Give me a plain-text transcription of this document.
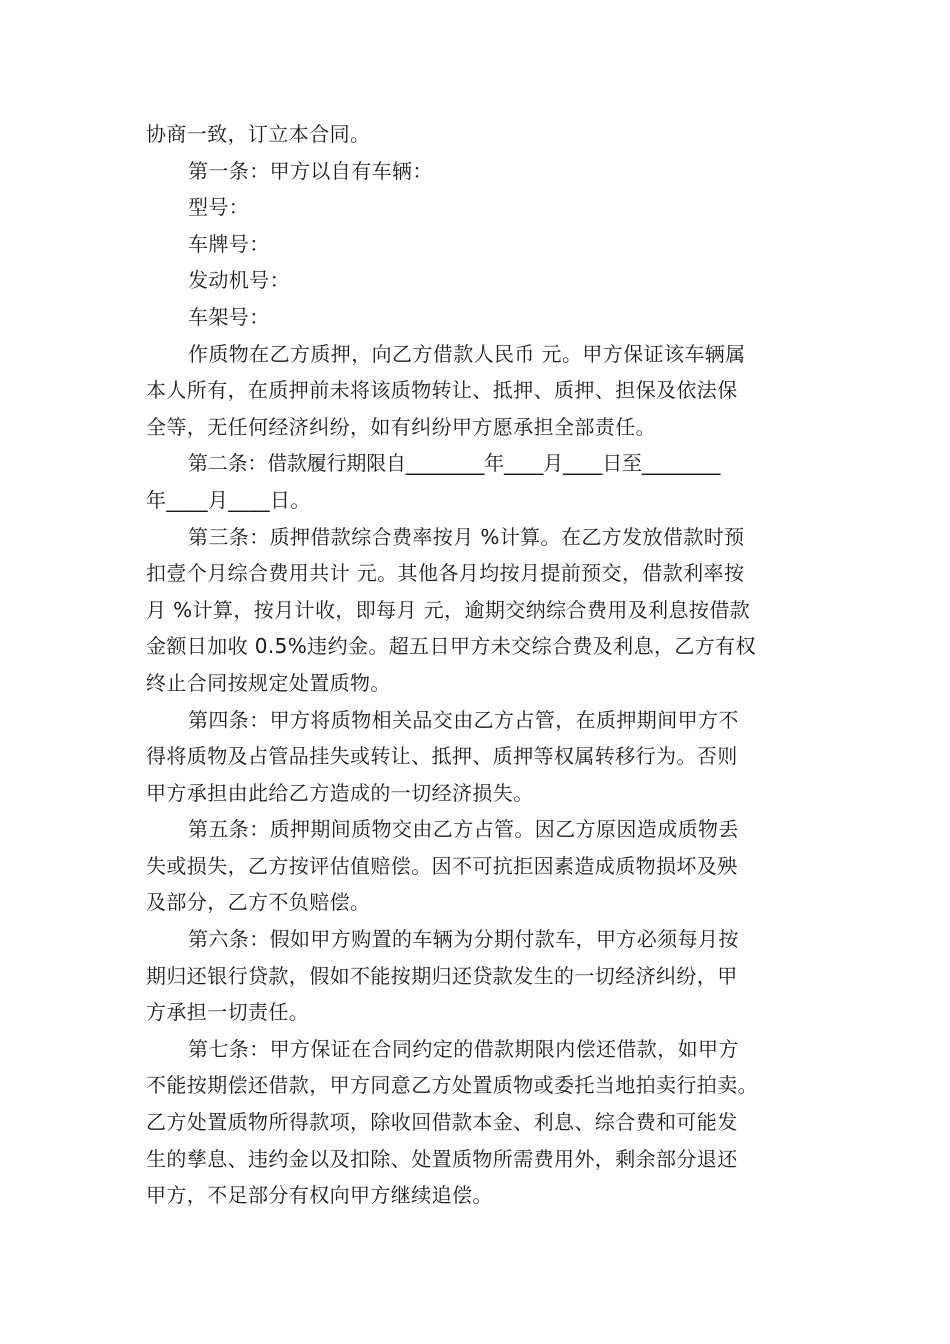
协商一致，订立本合同。
第一条：甲方以自有车辆：
型号：
车牌号：
发动机号：
车架号：
作质物在乙方质押，向乙方借款人民币 元。甲方保证该车辆属
本人所有，在质押前未将该质物转让、抵押、质押、担保及依法保
全等，无任何经济纠纷，如有纠纷甲方愿承担全部责任。
第二条：借款履行期限自________年____月____日至________
年____月____日。
第三条：质押借款综合费率按月 %计算。在乙方发放借款时预
扣壹个月综合费用共计 元。其他各月均按月提前预交，借款利率按
月 %计算，按月计收，即每月 元，逾期交纳综合费用及利息按借款
金额日加收 0.5%违约金。超五日甲方未交综合费及利息，乙方有权
终止合同按规定处置质物。
第四条：甲方将质物相关品交由乙方占管，在质押期间甲方不
得将质物及占管品挂失或转让、抵押、质押等权属转移行为。否则
甲方承担由此给乙方造成的一切经济损失。
第五条：质押期间质物交由乙方占管。因乙方原因造成质物丢
失或损失，乙方按评估值赔偿。因不可抗拒因素造成质物损坏及殃
及部分，乙方不负赔偿。
第六条：假如甲方购置的车辆为分期付款车，甲方必须每月按
期归还银行贷款，假如不能按期归还贷款发生的一切经济纠纷，甲
方承担一切责任。
第七条：甲方保证在合同约定的借款期限内偿还借款，如甲方
不能按期偿还借款，甲方同意乙方处置质物或委托当地拍卖行拍卖。
乙方处置质物所得款项，除收回借款本金、利息、综合费和可能发
生的孳息、违约金以及扣除、处置质物所需费用外，剩余部分退还
甲方，不足部分有权向甲方继续追偿。
